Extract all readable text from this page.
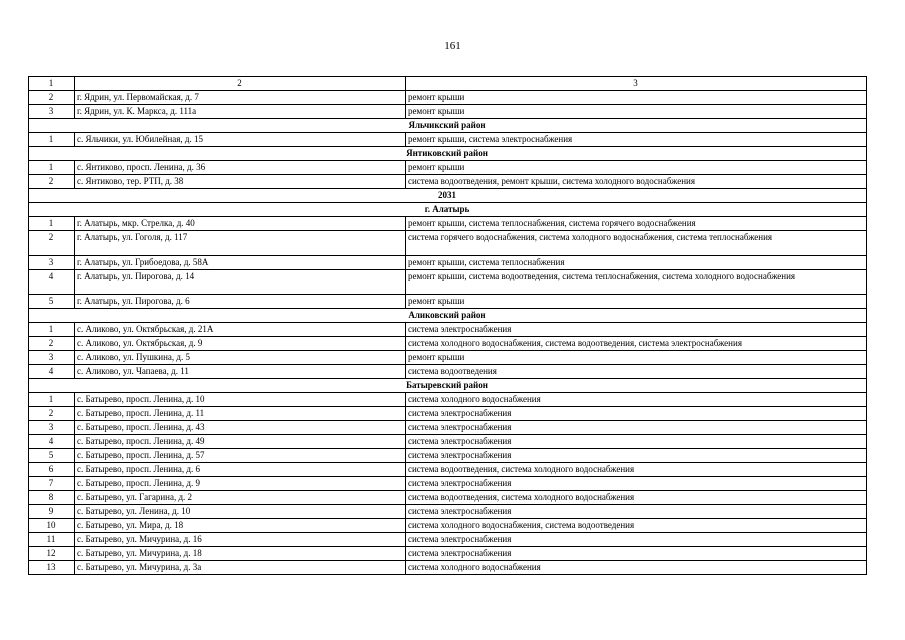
161
1	2	3
2	г. Ядрин, ул. Первомайская, д. 7	ремонт крыши
3	г. Ядрин, ул. К. Маркса, д. 111а	ремонт крыши
Яльчикский район		
1	с. Яльчики, ул. Юбилейная, д. 15	ремонт крыши, система электроснабжения
Янтиковский район		
1	с. Янтиково, просп. Ленина, д. 36	ремонт крыши
2	с. Янтиково, тер. РТП, д. 38	система водоотведения, ремонт крыши, система холодного водоснабжения
2031		
г. Алатырь		
1	г. Алатырь, мкр. Стрелка, д. 40	ремонт крыши, система теплоснабжения, система горячего водоснабжения
2	г. Алатырь, ул. Гоголя, д. 117	система горячего водоснабжения, система холодного водоснабжения, система теплоснабжения
3	г. Алатырь, ул. Грибоедова, д. 58А	ремонт крыши, система теплоснабжения
4	г. Алатырь, ул. Пирогова, д. 14	ремонт крыши, система водоотведения, система теплоснабжения, система холодного водоснабжения
5	г. Алатырь, ул. Пирогова, д. 6	ремонт крыши
Аликовский район		
1	с. Аликово, ул. Октябрьская, д. 21А	система электроснабжения
2	с. Аликово, ул. Октябрьская, д. 9	система холодного водоснабжения, система водоотведения, система электроснабжения
3	с. Аликово, ул. Пушкина, д. 5	ремонт крыши
4	с. Аликово, ул. Чапаева, д. 11	система водоотведения
Батыревский район		
1	с. Батырево, просп. Ленина, д. 10	система холодного водоснабжения
2	с. Батырево, просп. Ленина, д. 11	система электроснабжения
3	с. Батырево, просп. Ленина, д. 43	система электроснабжения
4	с. Батырево, просп. Ленина, д. 49	система электроснабжения
5	с. Батырево, просп. Ленина, д. 57	система электроснабжения
6	с. Батырево, просп. Ленина, д. 6	система водоотведения, система холодного водоснабжения
7	с. Батырево, просп. Ленина, д. 9	система электроснабжения
8	с. Батырево, ул. Гагарина, д. 2	система водоотведения, система холодного водоснабжения
9	с. Батырево, ул. Ленина, д. 10	система электроснабжения
10	с. Батырево, ул. Мира, д. 18	система холодного водоснабжения, система водоотведения
11	с. Батырево, ул. Мичурина, д. 16	система электроснабжения
12	с. Батырево, ул. Мичурина, д. 18	система электроснабжения
13	с. Батырево, ул. Мичурина, д. 3а	система холодного водоснабжения
